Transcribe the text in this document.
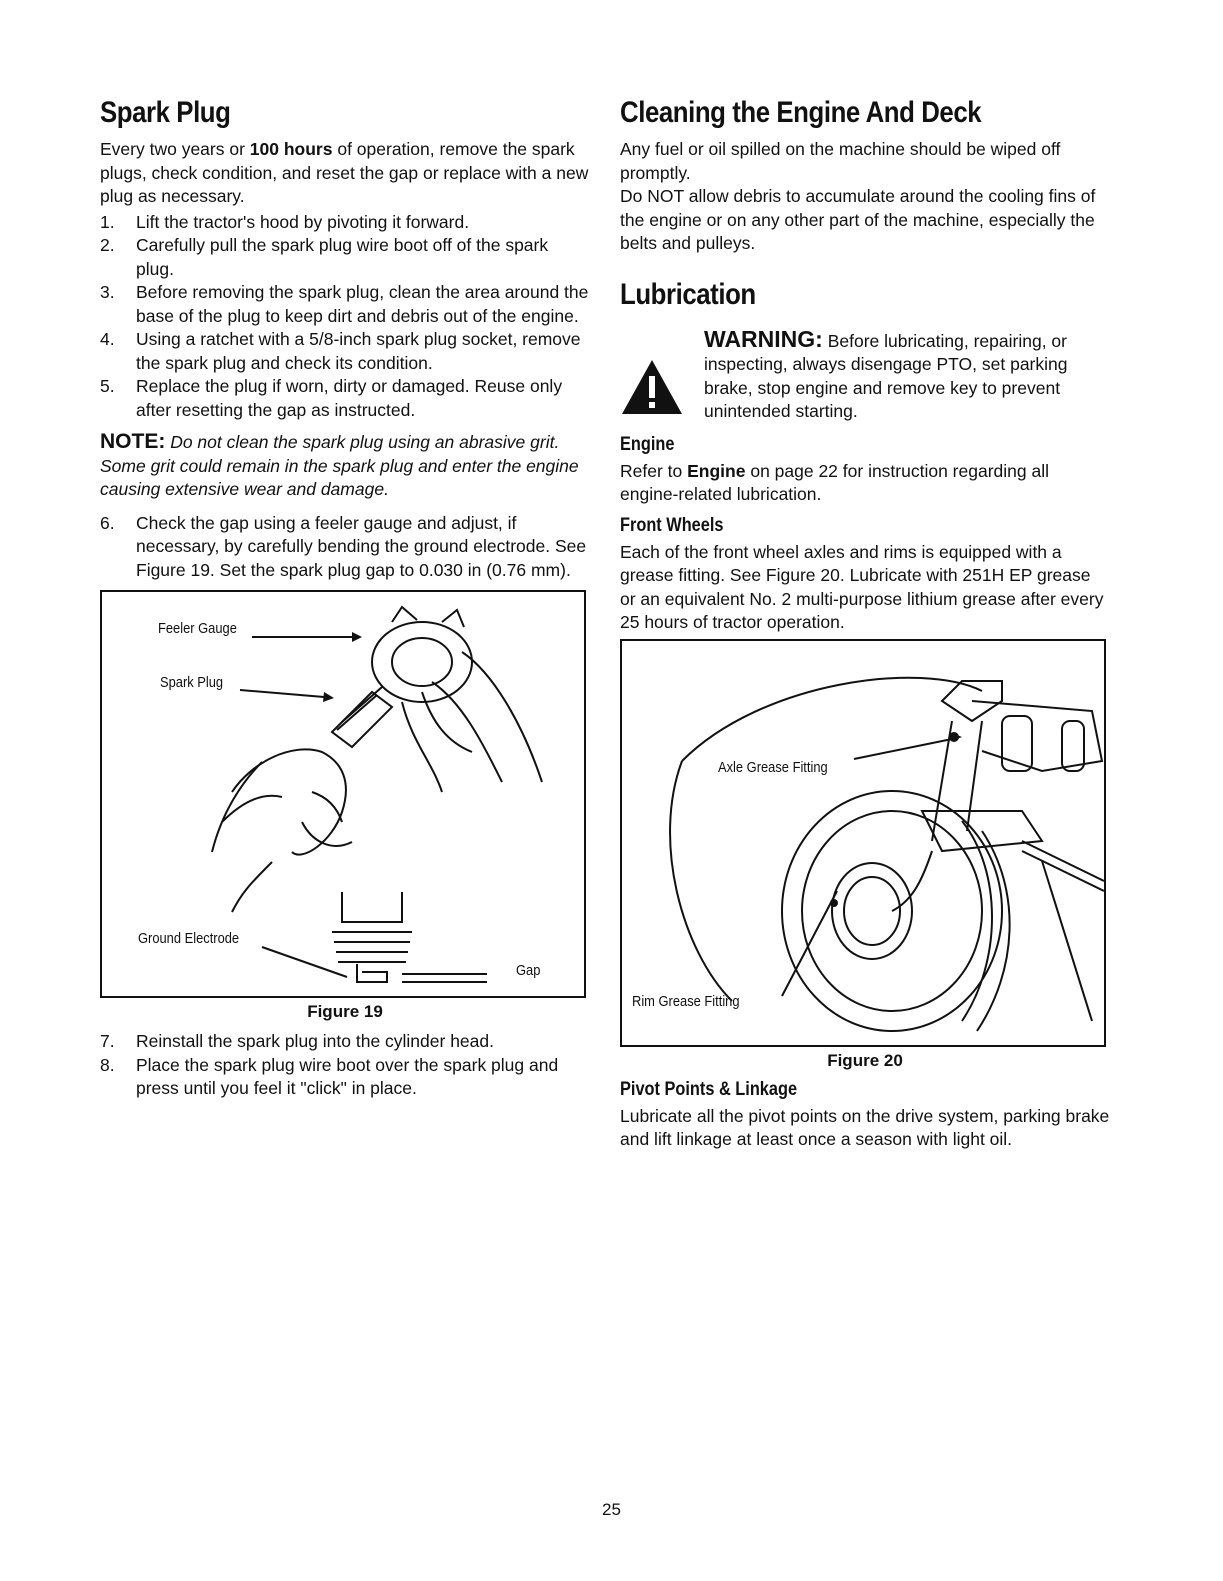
Spark Plug

Every two years or 100 hours of operation, remove the spark plugs, check condition, and reset the gap or replace with a new plug as necessary.

1. Lift the tractor's hood by pivoting it forward.
2. Carefully pull the spark plug wire boot off of the spark plug.
3. Before removing the spark plug, clean the area around the base of the plug to keep dirt and debris out of the engine.
4. Using a ratchet with a 5/8-inch spark plug socket, remove the spark plug and check its condition.
5. Replace the plug if worn, dirty or damaged. Reuse only after resetting the gap as instructed.

NOTE: Do not clean the spark plug using an abrasive grit. Some grit could remain in the spark plug and enter the engine causing extensive wear and damage.

6. Check the gap using a feeler gauge and adjust, if necessary, by carefully bending the ground electrode. See Figure 19. Set the spark plug gap to 0.030 in (0.76 mm).
Feeler Gauge
Spark Plug
Ground Electrode
Gap
Figure 19
7. Reinstall the spark plug into the cylinder head.
8. Place the spark plug wire boot over the spark plug and press until you feel it "click" in place.
Cleaning the Engine And Deck

Any fuel or oil spilled on the machine should be wiped off promptly.

Do NOT allow debris to accumulate around the cooling fins of the engine or on any other part of the machine, especially the belts and pulleys.

Lubrication

WARNING: Before lubricating, repairing, or inspecting, always disengage PTO, set parking brake, stop engine and remove key to prevent unintended starting.

Engine

Refer to Engine on page 22 for instruction regarding all engine-related lubrication.

Front Wheels

Each of the front wheel axles and rims is equipped with a grease fitting. See Figure 20. Lubricate with 251H EP grease or an equivalent No. 2 multi-purpose lithium grease after every 25 hours of tractor operation.

Axle Grease Fitting
Rim Grease Fitting
Figure 20
Pivot Points & Linkage

Lubricate all the pivot points on the drive system, parking brake and lift linkage at least once a season with light oil.

25
